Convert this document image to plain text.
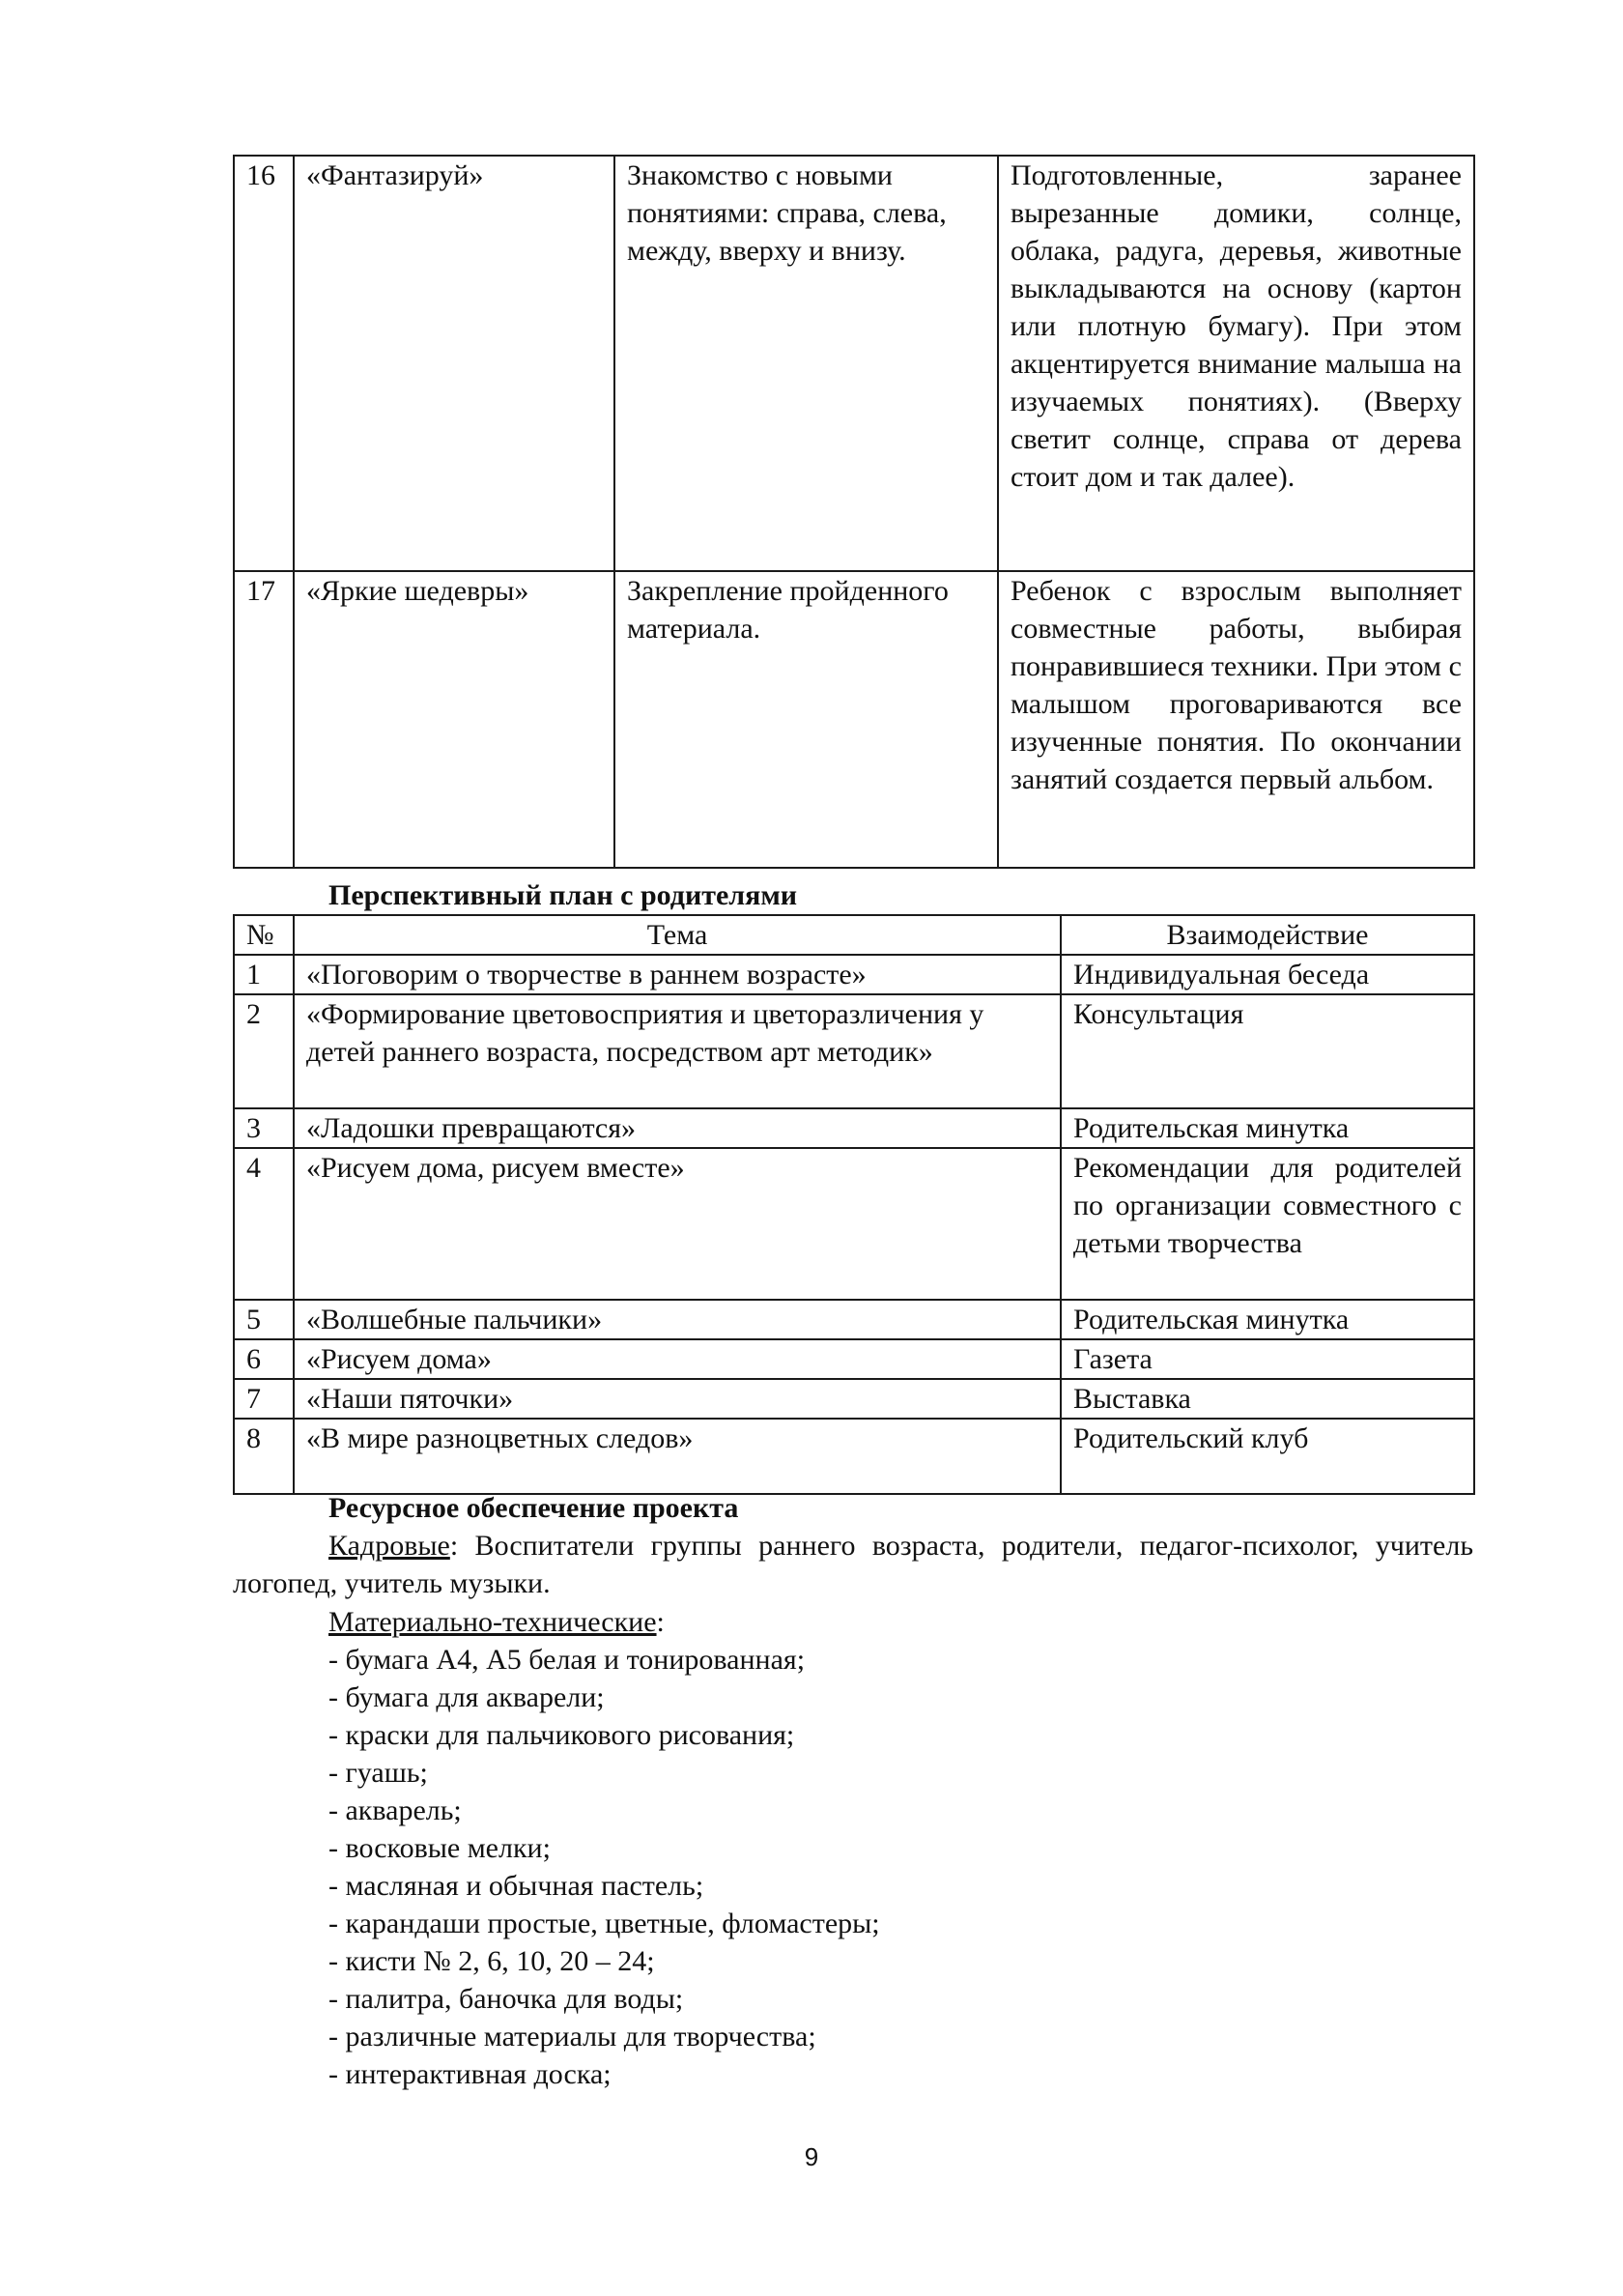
16	«Фантазируй»	Знакомство с новыми понятиями: справа, слева, между, вверху и внизу.	Подготовленные, заранее вырезанные домики, солнце, облака, радуга, деревья, животные выкладываются на основу (картон или плотную бумагу). При этом акцентируется внимание малыша на изучаемых понятиях). (Вверху светит солнце, справа от дерева стоит дом и так далее).
17	«Яркие шедевры»	Закрепление пройденного материала.	Ребенок с взрослым выполняет совместные работы, выбирая понравившиеся техники. При этом с малышом проговариваются все изученные понятия. По окончании занятий создается первый альбом.
Перспективный план с родителями
№	Тема	Взаимодействие
1	«Поговорим о творчестве в раннем возрасте»	Индивидуальная беседа
2	«Формирование цветовосприятия и цветоразличения у детей раннего возраста, посредством арт методик»	Консультация
3	«Ладошки превращаются»	Родительская минутка
4	«Рисуем дома, рисуем вместе»	Рекомендации для родителей по организации совместного с детьми творчества
5	«Волшебные пальчики»	Родительская минутка
6	«Рисуем дома»	Газета
7	«Наши пяточки»	Выставка
8	«В мире разноцветных следов»	Родительский клуб
Ресурсное обеспечение проекта
Кадровые: Воспитатели группы раннего возраста, родители, педагог-психолог, учитель логопед, учитель музыки.
Материально-технические:
- бумага А4, А5 белая и тонированная;
- бумага для акварели;
- краски для пальчикового рисования;
- гуашь;
- акварель;
- восковые мелки;
- масляная и обычная пастель;
- карандаши простые, цветные, фломастеры;
- кисти № 2, 6, 10, 20 – 24;
- палитра, баночка для воды;
- различные материалы для творчества;
- интерактивная доска;
9
